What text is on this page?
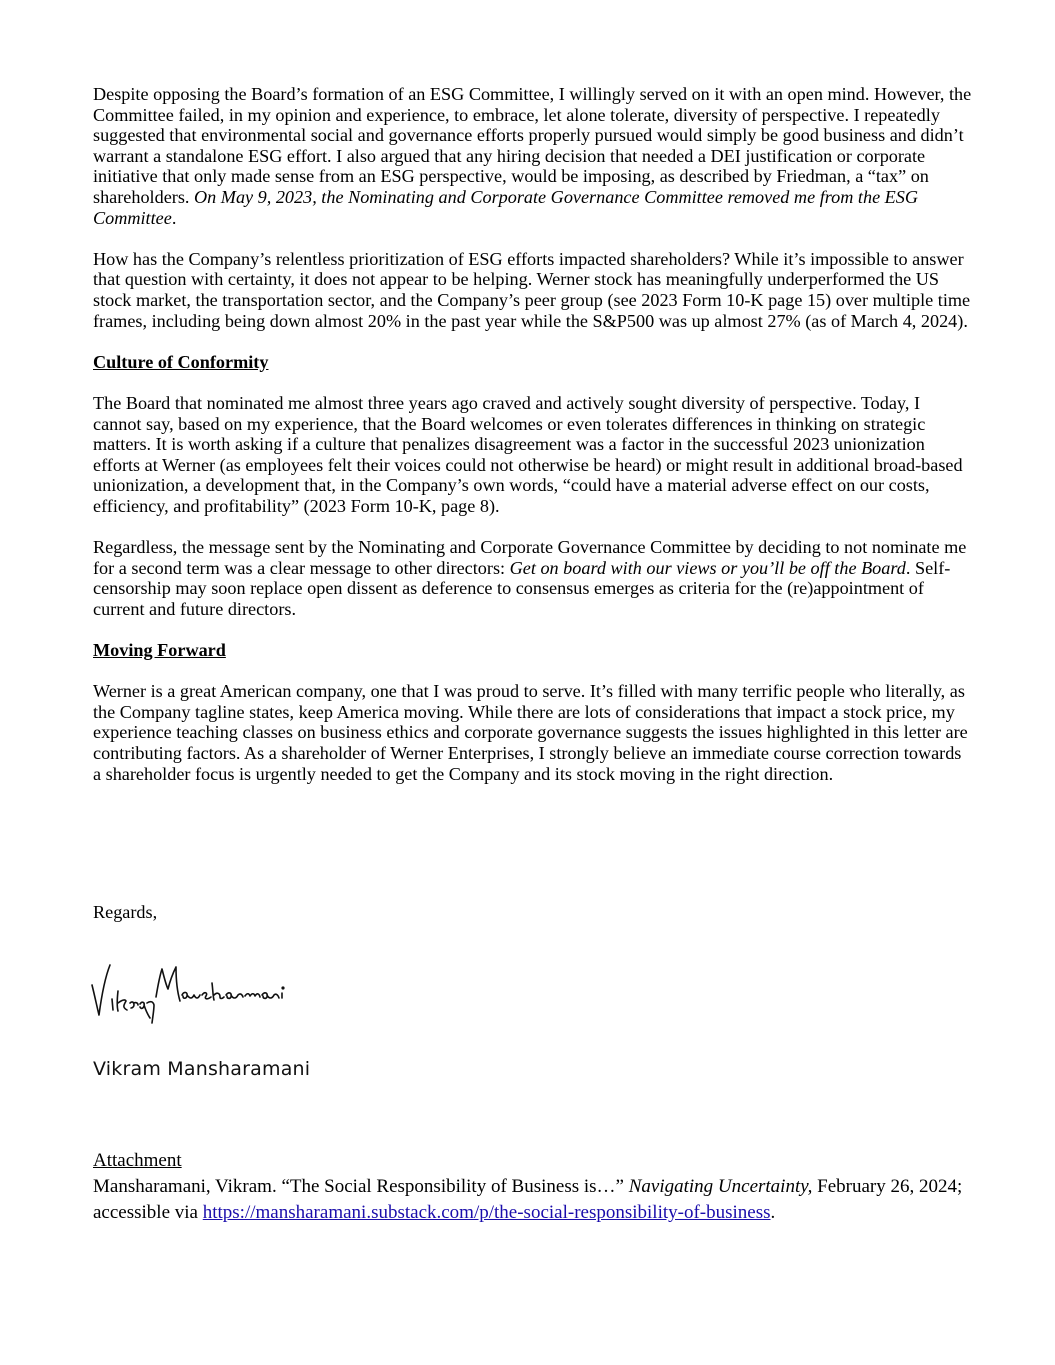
Despite opposing the Board’s formation of an ESG Committee, I willingly served on it with an open mind. However, the Committee failed, in my opinion and experience, to embrace, let alone tolerate, diversity of perspective. I repeatedly suggested that environmental social and governance efforts properly pursued would simply be good business and didn’t warrant a standalone ESG effort. I also argued that any hiring decision that needed a DEI justification or corporate initiative that only made sense from an ESG perspective, would be imposing, as described by Friedman, a “tax” on shareholders. On May 9, 2023, the Nominating and Corporate Governance Committee removed me from the ESG Committee.

How has the Company’s relentless prioritization of ESG efforts impacted shareholders? While it’s impossible to answer that question with certainty, it does not appear to be helping. Werner stock has meaningfully underperformed the US stock market, the transportation sector, and the Company’s peer group (see 2023 Form 10-K page 15) over multiple time frames, including being down almost 20% in the past year while the S&P500 was up almost 27% (as of March 4, 2024).

Culture of Conformity

The Board that nominated me almost three years ago craved and actively sought diversity of perspective. Today, I cannot say, based on my experience, that the Board welcomes or even tolerates differences in thinking on strategic matters. It is worth asking if a culture that penalizes disagreement was a factor in the successful 2023 unionization efforts at Werner (as employees felt their voices could not otherwise be heard) or might result in additional broad-based unionization, a development that, in the Company’s own words, “could have a material adverse effect on our costs, efficiency, and profitability” (2023 Form 10-K, page 8).

Regardless, the message sent by the Nominating and Corporate Governance Committee by deciding to not nominate me for a second term was a clear message to other directors: Get on board with our views or you’ll be off the Board. Self-censorship may soon replace open dissent as deference to consensus emerges as criteria for the (re)appointment of current and future directors.

Moving Forward

Werner is a great American company, one that I was proud to serve. It’s filled with many terrific people who literally, as the Company tagline states, keep America moving. While there are lots of considerations that impact a stock price, my experience teaching classes on business ethics and corporate governance suggests the issues highlighted in this letter are contributing factors. As a shareholder of Werner Enterprises, I strongly believe an immediate course correction towards a shareholder focus is urgently needed to get the Company and its stock moving in the right direction.

Regards,
Vikram Mansharamani
Attachment
Mansharamani, Vikram. “The Social Responsibility of Business is…” Navigating Uncertainty, February 26, 2024; accessible via https://mansharamani.substack.com/p/the-social-responsibility-of-business.
